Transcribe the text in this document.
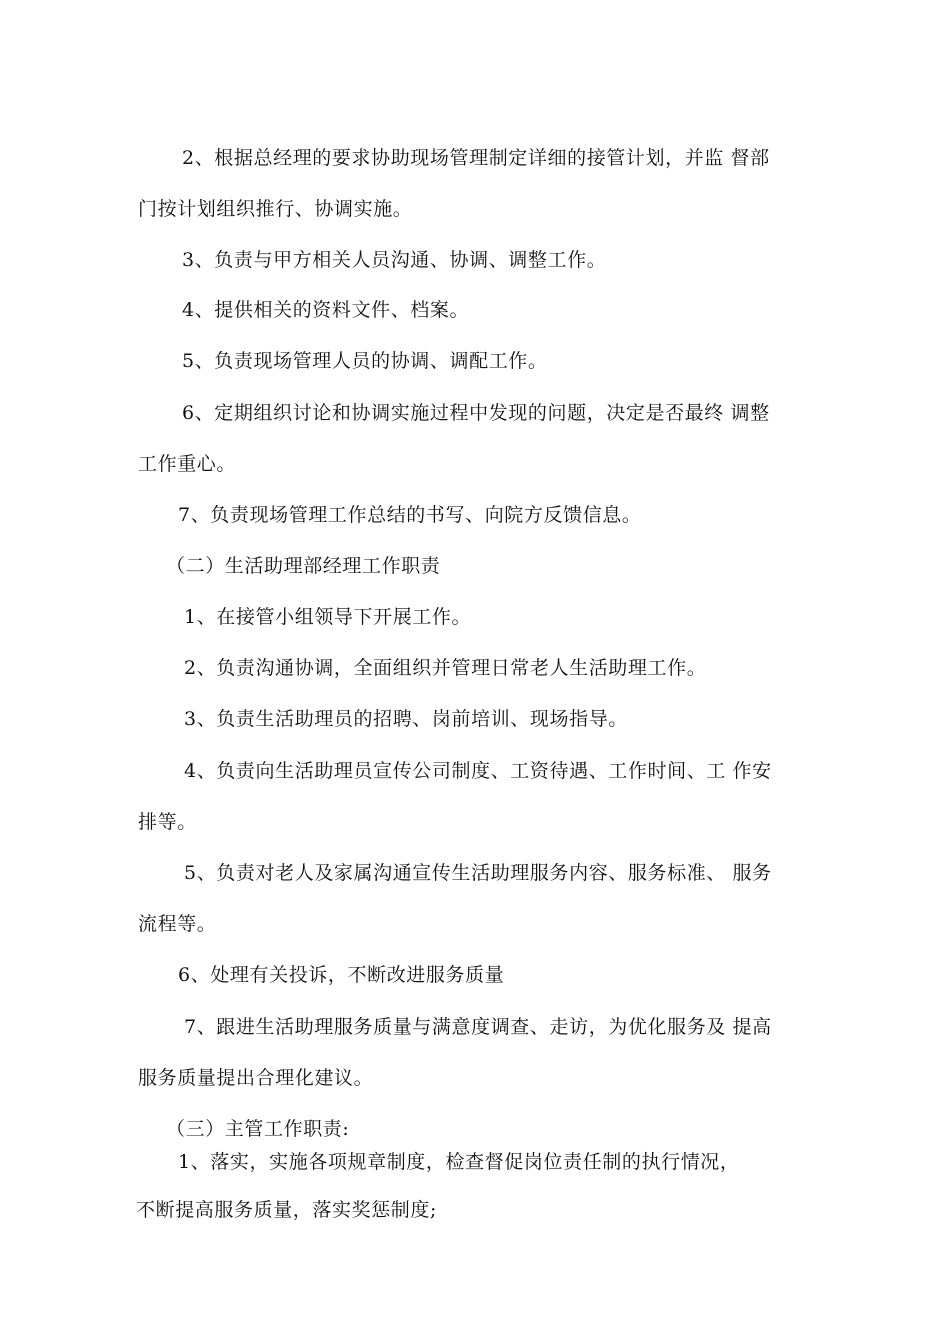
2、根据总经理的要求协助现场管理制定详细的接管计划，并监 督部
门按计划组织推行、协调实施。
3、负责与甲方相关人员沟通、协调、调整工作。
4、提供相关的资料文件、档案。
5、负责现场管理人员的协调、调配工作。
6、定期组织讨论和协调实施过程中发现的问题，决定是否最终 调整
工作重心。
7、负责现场管理工作总结的书写、向院方反馈信息。
（二）生活助理部经理工作职责
1、在接管小组领导下开展工作。
2、负责沟通协调，全面组织并管理日常老人生活助理工作。
3、负责生活助理员的招聘、岗前培训、现场指导。
4、负责向生活助理员宣传公司制度、工资待遇、工作时间、工 作安
排等。
5、负责对老人及家属沟通宣传生活助理服务内容、服务标准、 服务
流程等。
6、处理有关投诉，不断改进服务质量
7、跟进生活助理服务质量与满意度调查、走访，为优化服务及 提高
服务质量提出合理化建议。
（三）主管工作职责:
1、落实，实施各项规章制度，检查督促岗位责任制的执行情况，
不断提高服务质量，落实奖惩制度;
